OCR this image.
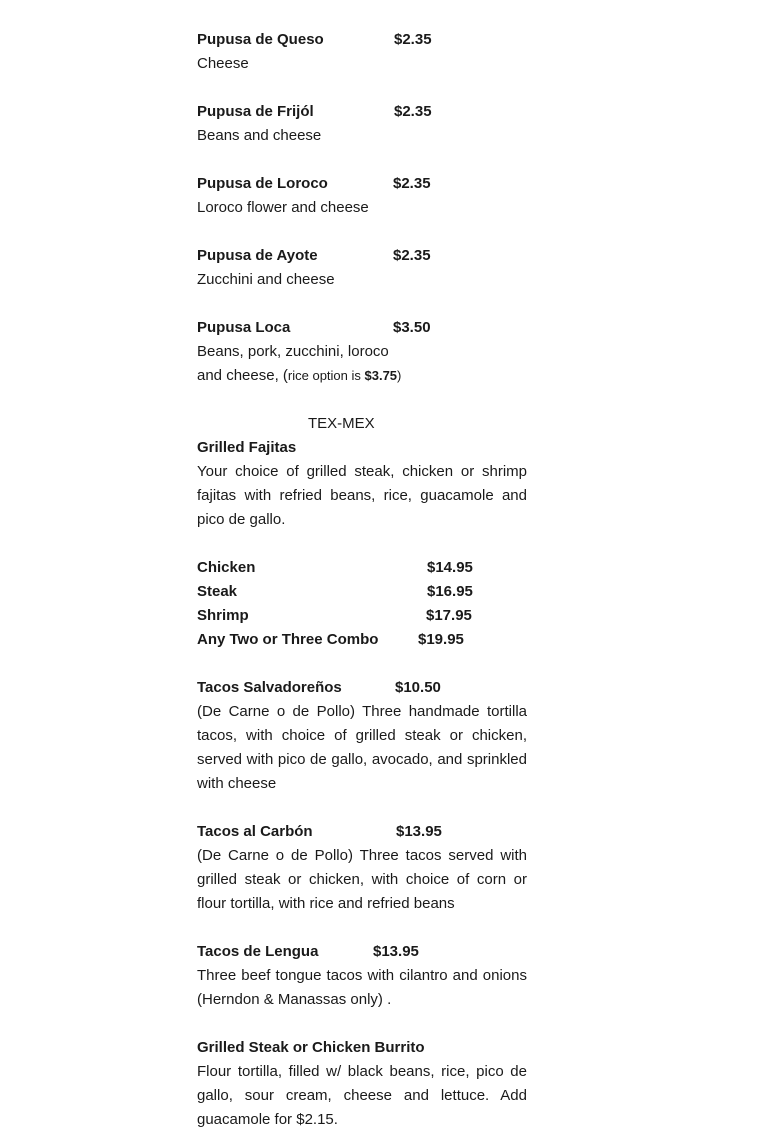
Pupusa de Queso	$2.35
Cheese
Pupusa de Frijól	$2.35
Beans and cheese
Pupusa de Loroco	$2.35
Loroco flower and cheese
Pupusa de Ayote	$2.35
Zucchini and cheese
Pupusa Loca	$3.50
Beans, pork, zucchini, loroco
and cheese, (rice option is $3.75)
TEX-MEX
Grilled Fajitas
Your choice of grilled steak, chicken or shrimp fajitas with refried beans, rice, guacamole and pico de gallo.
Chicken	$14.95
Steak	$16.95
Shrimp	$17.95
Any Two or Three Combo	$19.95
Tacos Salvadoreños	$10.50
(De Carne o de Pollo) Three handmade tortilla tacos, with choice of grilled steak or chicken, served with pico de gallo, avocado, and sprinkled with cheese
Tacos al Carbón	$13.95
(De Carne o de Pollo) Three tacos served with grilled steak or chicken, with choice of corn or flour tortilla, with rice and refried beans
Tacos de Lengua	$13.95
Three beef tongue tacos with cilantro and onions (Herndon & Manassas only) .
Grilled Steak or Chicken Burrito
Flour tortilla, filled w/ black beans, rice, pico de gallo, sour cream, cheese and lettuce. Add guacamole for $2.15.
